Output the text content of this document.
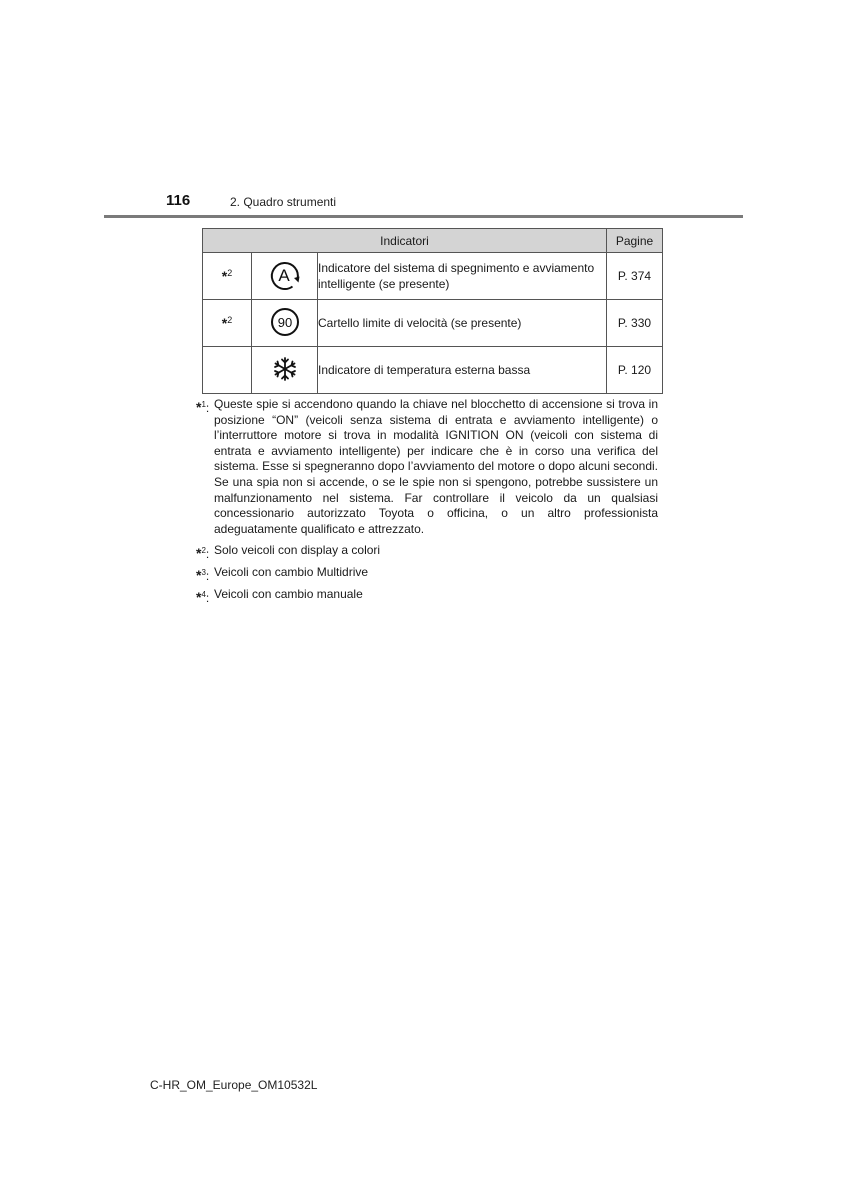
116	2. Quadro strumenti
Indicatori			Pagine
*$^2$	A	Indicatore del sistema di spegnimento e avviamento intelligente (se presente)	P. 374
*$^2$	90	Cartello limite di velocità (se presente)	P. 330
		Indicatore di temperatura esterna bassa	P. 120
*$^1$: Queste spie si accendono quando la chiave nel blocchetto di accensione si trova in posizione “ON” (veicoli senza sistema di entrata e avviamento intelligente) o l’interruttore motore si trova in modalità IGNITION ON (veicoli con sistema di entrata e avviamento intelligente) per indicare che è in corso una verifica del sistema. Esse si spegneranno dopo l’avviamento del motore o dopo alcuni secondi. Se una spia non si accende, o se le spie non si spengono, potrebbe sussistere un malfunzionamento nel sistema. Far controllare il veicolo da un qualsiasi concessionario autorizzato Toyota o officina, o un altro professionista adeguatamente qualificato e attrezzato.
*$^2$: Solo veicoli con display a colori
*$^3$: Veicoli con cambio Multidrive
*$^4$: Veicoli con cambio manuale
C-HR_OM_Europe_OM10532L
